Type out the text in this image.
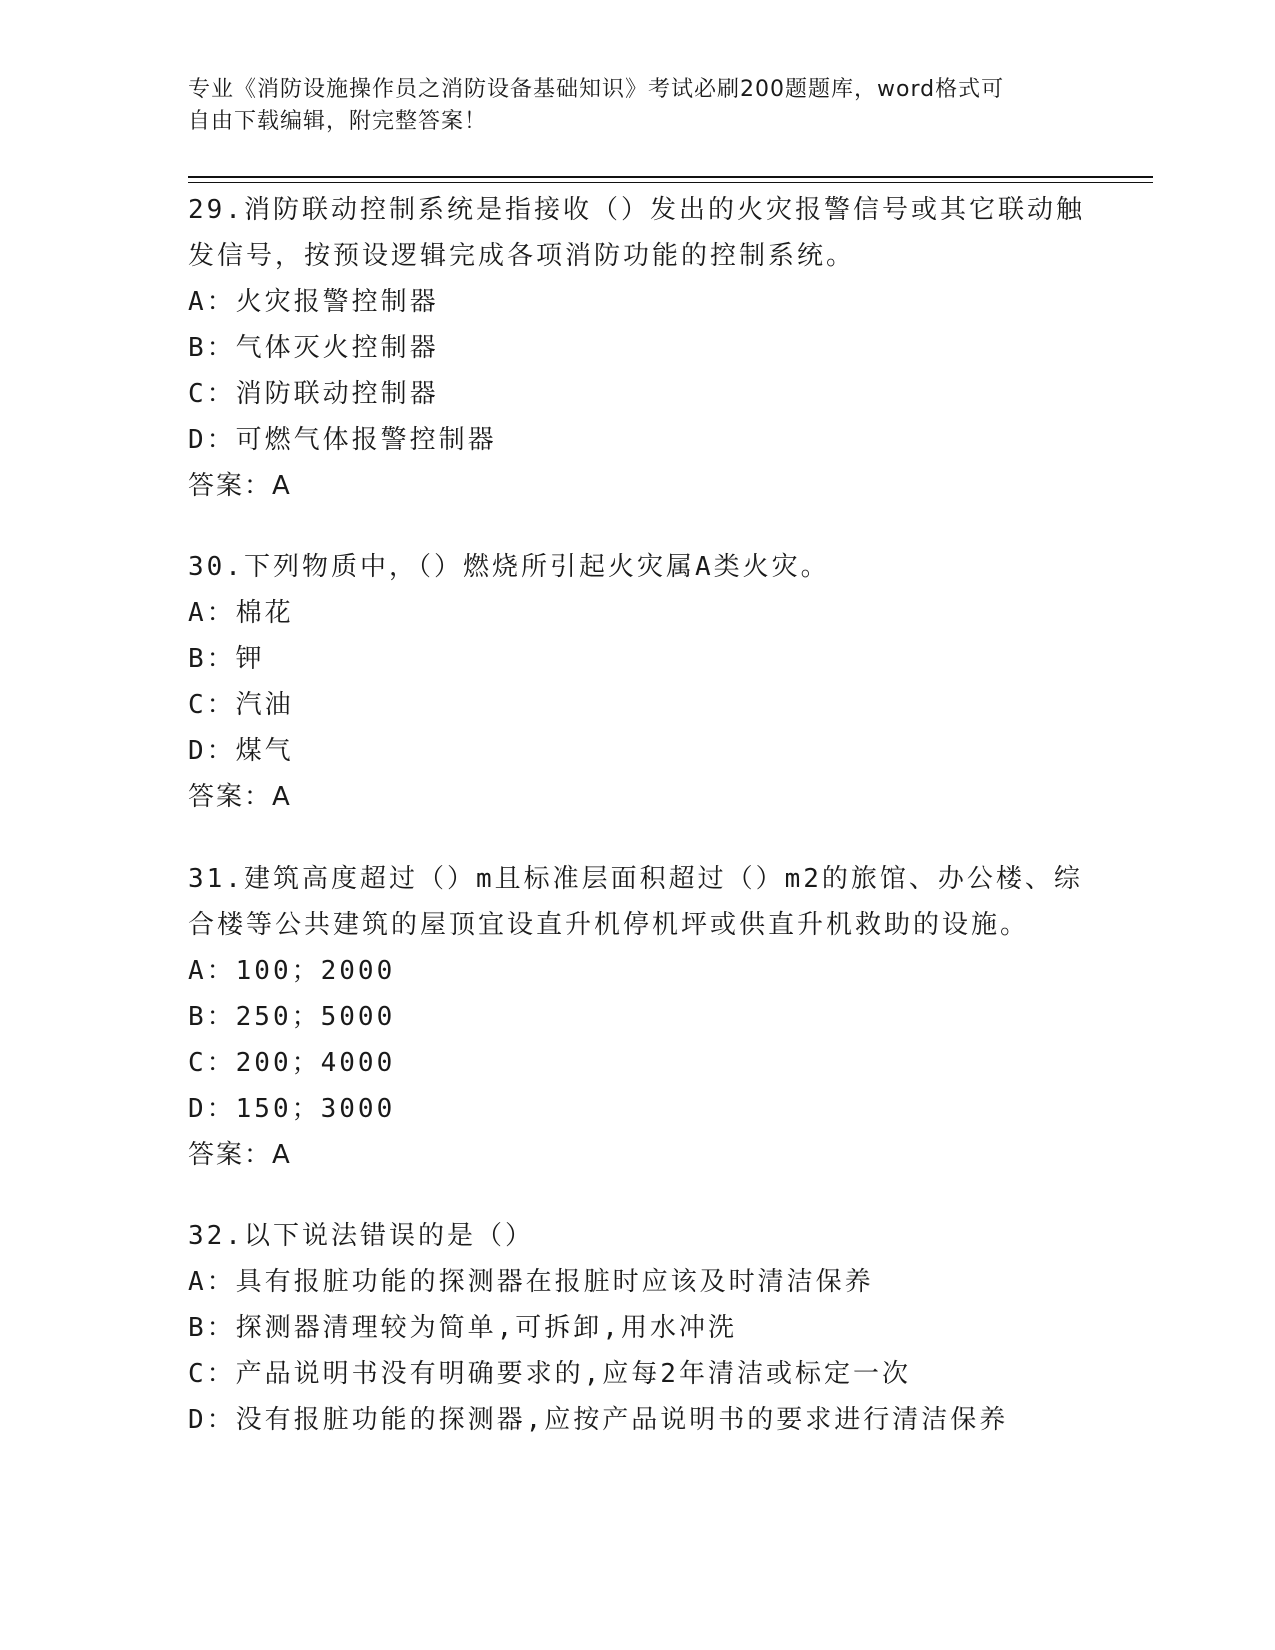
专业《消防设施操作员之消防设备基础知识》考试必刷200题题库，word格式可
自由下载编辑，附完整答案！
29.消防联动控制系统是指接收（）发出的火灾报警信号或其它联动触
发信号，按预设逻辑完成各项消防功能的控制系统。
A：火灾报警控制器
B：气体灭火控制器
C：消防联动控制器
D：可燃气体报警控制器
答案：A
30.下列物质中，（）燃烧所引起火灾属A类火灾。
A：棉花
B：钾
C：汽油
D：煤气
答案：A
31.建筑高度超过（）m且标准层面积超过（）m2的旅馆、办公楼、综
合楼等公共建筑的屋顶宜设直升机停机坪或供直升机救助的设施。
A：100；2000
B：250；5000
C：200；4000
D：150；3000
答案：A
32.以下说法错误的是（）
A：具有报脏功能的探测器在报脏时应该及时清洁保养
B：探测器清理较为简单,可拆卸,用水冲洗
C：产品说明书没有明确要求的,应每2年清洁或标定一次
D：没有报脏功能的探测器,应按产品说明书的要求进行清洁保养
